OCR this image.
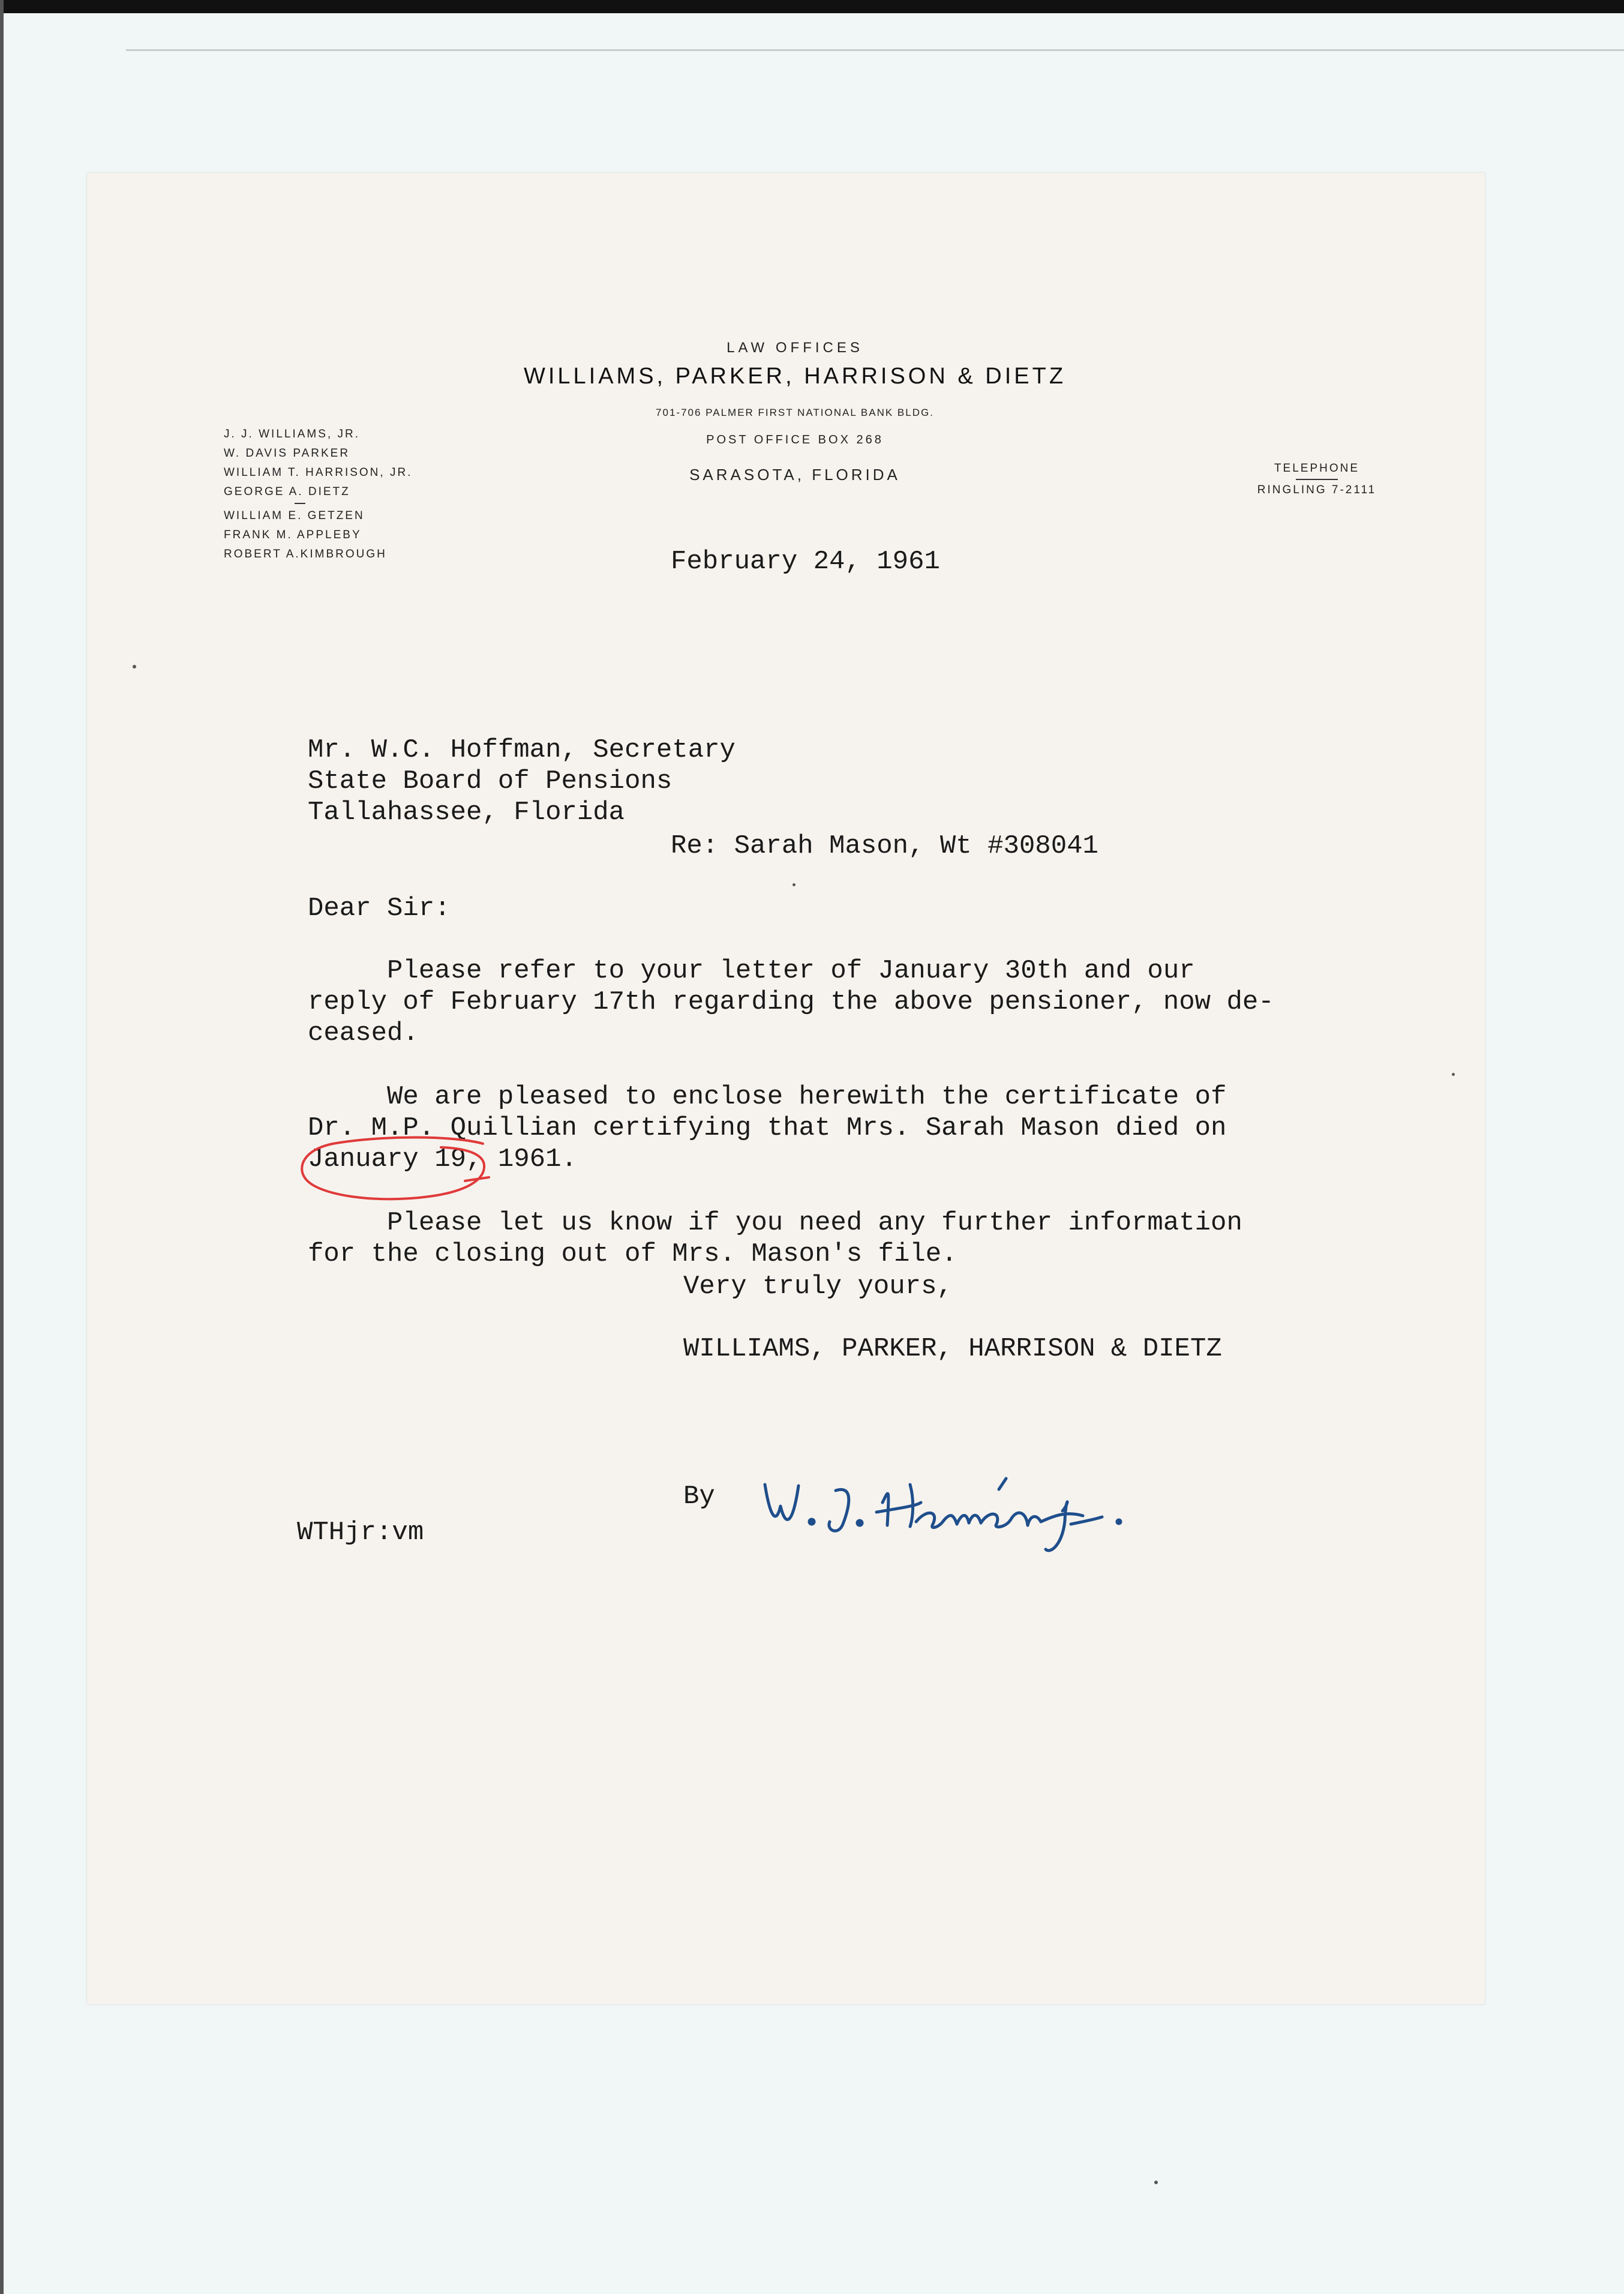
LAW OFFICES
WILLIAMS, PARKER, HARRISON & DIETZ
701-706 PALMER FIRST NATIONAL BANK BLDG.
POST OFFICE BOX 268
SARASOTA, FLORIDA
J. J. WILLIAMS, JR.
W. DAVIS PARKER
WILLIAM T. HARRISON, JR.
GEORGE A. DIETZ
WILLIAM E. GETZEN
FRANK M. APPLEBY
ROBERT A.KIMBROUGH
TELEPHONE
RINGLING 7-2111
February 24, 1961
Mr. W.C. Hoffman, Secretary
State Board of Pensions
Tallahassee, Florida
Re: Sarah Mason, Wt #308041
Dear Sir:
Please refer to your letter of January 30th and our
reply of February 17th regarding the above pensioner, now de-
ceased.
We are pleased to enclose herewith the certificate of
Dr. M.P. Quillian certifying that Mrs. Sarah Mason died on
January 19, 1961.
Please let us know if you need any further information
for the closing out of Mrs. Mason's file.
Very truly yours,
WILLIAMS, PARKER, HARRISON & DIETZ
By
WTHjr:vm
